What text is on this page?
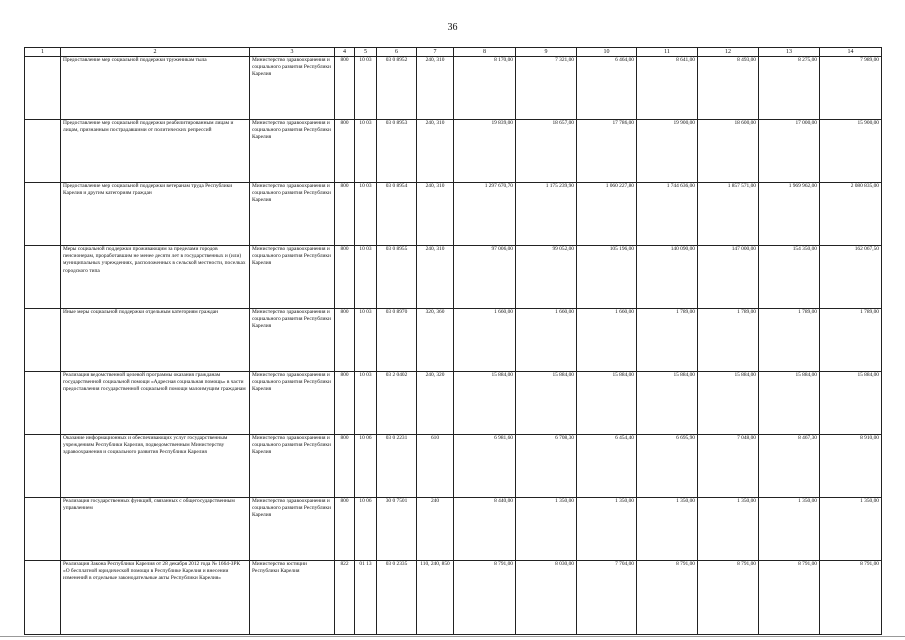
36
1	2	3	4	5	6	7	8	9	10	11	12	13	14
	Предоставление мер социальной поддержки труженикам тыла	Министерство здравоохранения и социального развития Республики Карелия	800	10 03	03 0 8952	240, 310	8 170,00	7 321,00	6 464,00	8 641,00	8 493,00	8 275,00	7 989,00
	Предоставление мер социальной поддержки реабилитированным лицам и лицам, признанным пострадавшими от политических репрессий	Министерство здравоохранения и социального развития Республики Карелия	800	10 03	03 0 8953	240, 310	19 839,00	18 657,00	17 786,00	19 900,00	18 600,00	17 000,00	15 900,00
	Предоставление мер социальной поддержки ветеранам труда Республики Карелия и другим категориям граждан	Министерство здравоохранения и социального развития Республики Карелия	800	10 03	03 0 8954	240, 310	1 297 670,70	1 175 239,90	1 060 227,80	1 744 636,00	1 857 571,00	1 969 962,00	2 080 835,00
	Меры социальной поддержки проживающим за пределами городов пенсионерам, проработавшим не менее десяти лет в государственных и (или) муниципальных учреждениях, расположенных в сельской местности, поселках городского типа	Министерство здравоохранения и социального развития Республики Карелия	800	10 03	03 0 8955	240, 310	97 006,00	99 052,00	105 196,00	140 090,00	147 000,00	154 350,00	162 067,50
	Иные меры социальной поддержки отдельным категориям граждан	Министерство здравоохранения и социального развития Республики Карелия	800	10 03	03 0 8970	320, 360	1 660,00	1 660,00	1 660,00	1 789,00	1 789,00	1 789,00	1 789,00
	Реализация ведомственной целевой программы оказания гражданам государственной социальной помощи «Адресная социальная помощь» в части предоставления государственной социальной помощи малоимущим гражданам	Министерство здравоохранения и социального развития Республики Карелия	800	10 03	03 2 0402	240, 320	15 884,00	15 884,00	15 884,00	15 884,00	15 884,00	15 884,00	15 884,00
	Оказание информационных и обеспечивающих услуг государственным учреждениям Республики Карелия, подведомственным Министерству здравоохранения и социального развития Республики Карелия	Министерство здравоохранения и социального развития Республики Карелия	800	10 06	03 0 2231	610	6 981,60	6 708,30	6 454,40	6 695,90	7 048,00	8 467,30	8 910,00
	Реализация государственных функций, связанных с общегосударственным управлением	Министерство здравоохранения и социального развития Республики Карелия	800	10 06	30 0 7501	240	8 440,00	1 350,00	1 350,00	1 350,00	1 350,00	1 350,00	1 350,00
	Реализация Закона Республики Карелия от 28 декабря 2012 года № 1664-ЗРК «О бесплатной юридической помощи в Республике Карелия и внесении изменений в отдельные законодательные акты Республики Карелия»	Министерство юстиции Республики Карелия	822	01 13	03 0 2335	110, 240, 850	8 791,00	8 030,00	7 704,00	8 791,00	8 791,00	8 791,00	8 791,00
